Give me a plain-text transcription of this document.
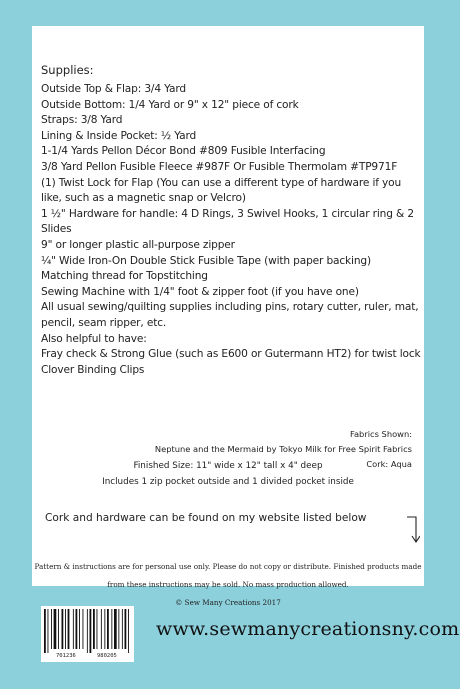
Supplies:
Outside Top & Flap: 3/4 Yard
Outside Bottom: 1/4 Yard or 9" x 12" piece of cork
Straps: 3/8 Yard
Lining & Inside Pocket: ½ Yard
1-1/4 Yards Pellon Décor Bond #809 Fusible Interfacing
3/8 Yard Pellon Fusible Fleece #987F Or Fusible Thermolam #TP971F
(1) Twist Lock for Flap (You can use a different type of hardware if you
like, such as a magnetic snap or Velcro)
1 ½" Hardware for handle: 4 D Rings, 3 Swivel Hooks, 1 circular ring & 2
Slides
9" or longer plastic all-purpose zipper
¼" Wide Iron-On Double Stick Fusible Tape (with paper backing)
Matching thread for Topstitching
Sewing Machine with 1/4" foot & zipper foot (if you have one)
All usual sewing/quilting supplies including pins, rotary cutter, ruler, mat,
pencil, seam ripper, etc.
Also helpful to have:
Fray check & Strong Glue (such as E600 or Gutermann HT2) for twist lock
Clover Binding Clips
Fabrics Shown:
Neptune and the Mermaid by Tokyo Milk for Free Spirit Fabrics
Cork: Aqua
Finished Size: 11" wide x 12" tall x 4" deep
Includes 1 zip pocket outside and 1 divided pocket inside
Cork and hardware can be found on my website listed below
Pattern & instructions are for personal use only. Please do not copy or distribute. Finished products made
from these instructions may be sold. No mass production allowed.
© Sew Many Creations 2017
701236	980205
www.sewmanycreationsny.com
